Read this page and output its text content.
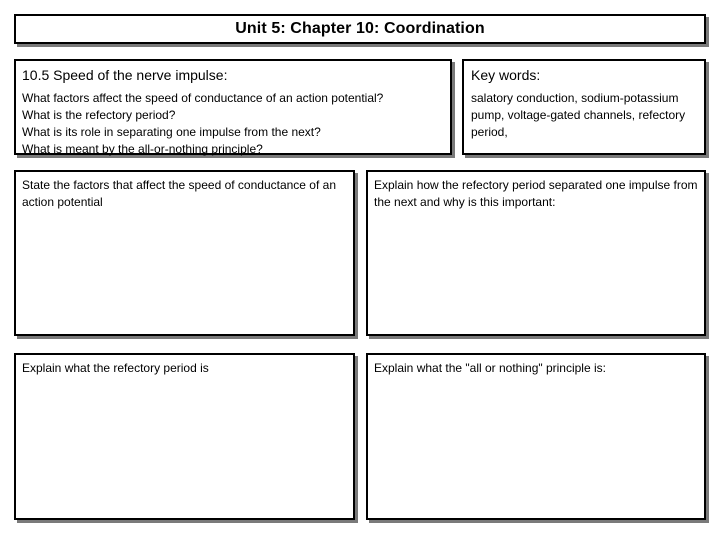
Unit 5: Chapter 10: Coordination
10.5 Speed of the nerve impulse:
What factors affect the speed of conductance of an action potential?
What is the refectory period?
What is its role in separating one impulse from the next?
What is meant by the all-or-nothing principle?
Key words:
salatory conduction, sodium-potassium pump, voltage-gated channels, refectory period,
State the factors that affect the speed of conductance of an action potential
Explain how the refectory period separated one impulse from the next and why is this important:
Explain what the refectory period is	Explain what the "all or nothing" principle is:
